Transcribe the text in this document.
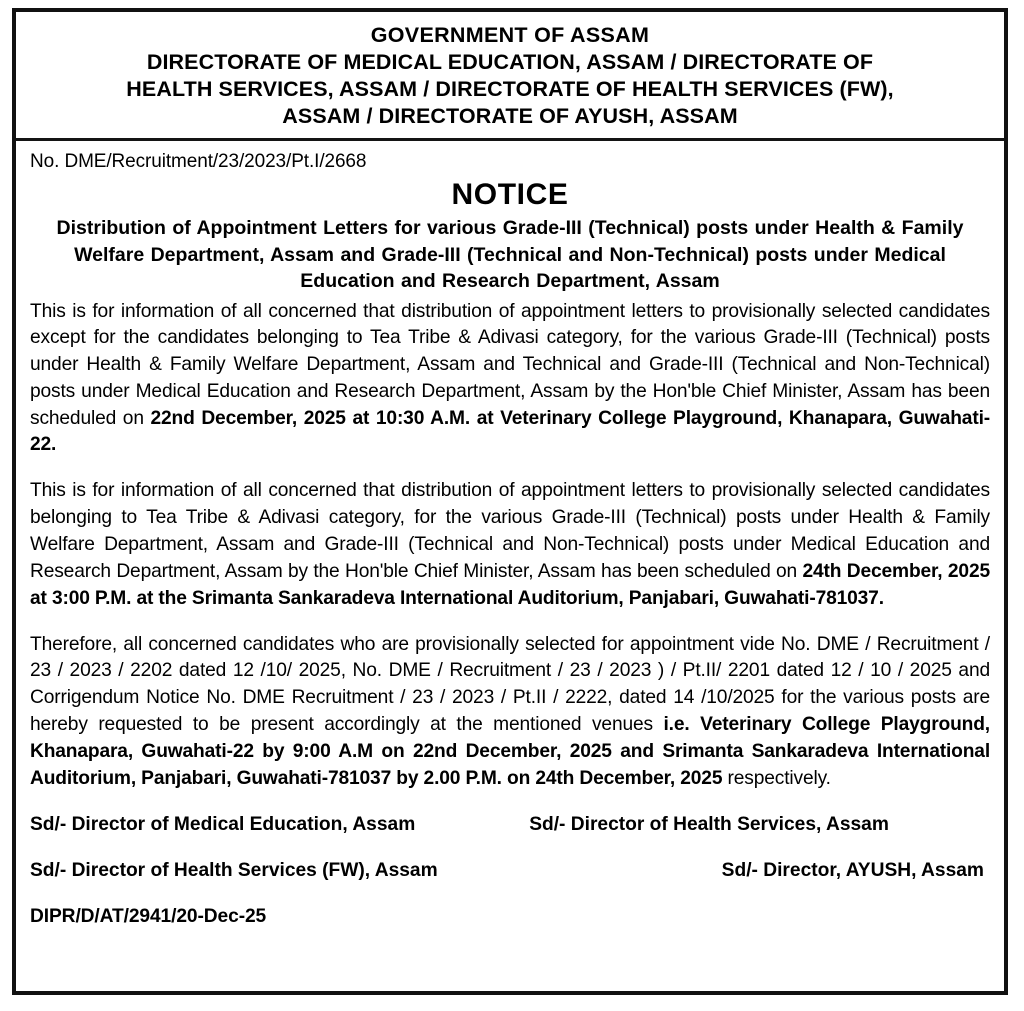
GOVERNMENT OF ASSAM
DIRECTORATE OF MEDICAL EDUCATION, ASSAM / DIRECTORATE OF
HEALTH SERVICES, ASSAM / DIRECTORATE OF HEALTH SERVICES (FW),
ASSAM / DIRECTORATE OF AYUSH, ASSAM
No. DME/Recruitment/23/2023/Pt.I/2668
NOTICE
Distribution of Appointment Letters for various Grade-III (Technical) posts under Health & Family Welfare Department, Assam and Grade-III (Technical and Non-Technical) posts under Medical Education and Research Department, Assam

This is for information of all concerned that distribution of appointment letters to provisionally selected candidates except for the candidates belonging to Tea Tribe & Adivasi category, for the various Grade-III (Technical) posts under Health & Family Welfare Department, Assam and Technical and Grade-III (Technical and Non-Technical) posts under Medical Education and Research Department, Assam by the Hon'ble Chief Minister, Assam has been scheduled on 22nd December, 2025 at 10:30 A.M. at Veterinary College Playground, Khanapara, Guwahati-22.

This is for information of all concerned that distribution of appointment letters to provisionally selected candidates belonging to Tea Tribe & Adivasi category, for the various Grade-III (Technical) posts under Health & Family Welfare Department, Assam and Grade-III (Technical and Non-Technical) posts under Medical Education and Research Department, Assam by the Hon'ble Chief Minister, Assam has been scheduled on 24th December, 2025 at 3:00 P.M. at the Srimanta Sankaradeva International Auditorium, Panjabari, Guwahati-781037.

Therefore, all concerned candidates who are provisionally selected for appointment vide No. DME / Recruitment / 23 / 2023 / 2202 dated 12 /10/ 2025, No. DME / Recruitment / 23 / 2023 ) / Pt.II/ 2201 dated 12 / 10 / 2025 and Corrigendum Notice No. DME Recruitment / 23 / 2023 / Pt.II / 2222, dated 14 /10/2025 for the various posts are hereby requested to be present accordingly at the mentioned venues i.e. Veterinary College Playground, Khanapara, Guwahati-22 by 9:00 A.M on 22nd December, 2025 and Srimanta Sankaradeva International Auditorium, Panjabari, Guwahati-781037 by 2.00 P.M. on 24th December, 2025 respectively.

Sd/- Director of Medical Education, Assam	Sd/- Director of Health Services, Assam
Sd/- Director of Health Services (FW), Assam	Sd/- Director, AYUSH, Assam
DIPR/D/AT/2941/20-Dec-25
